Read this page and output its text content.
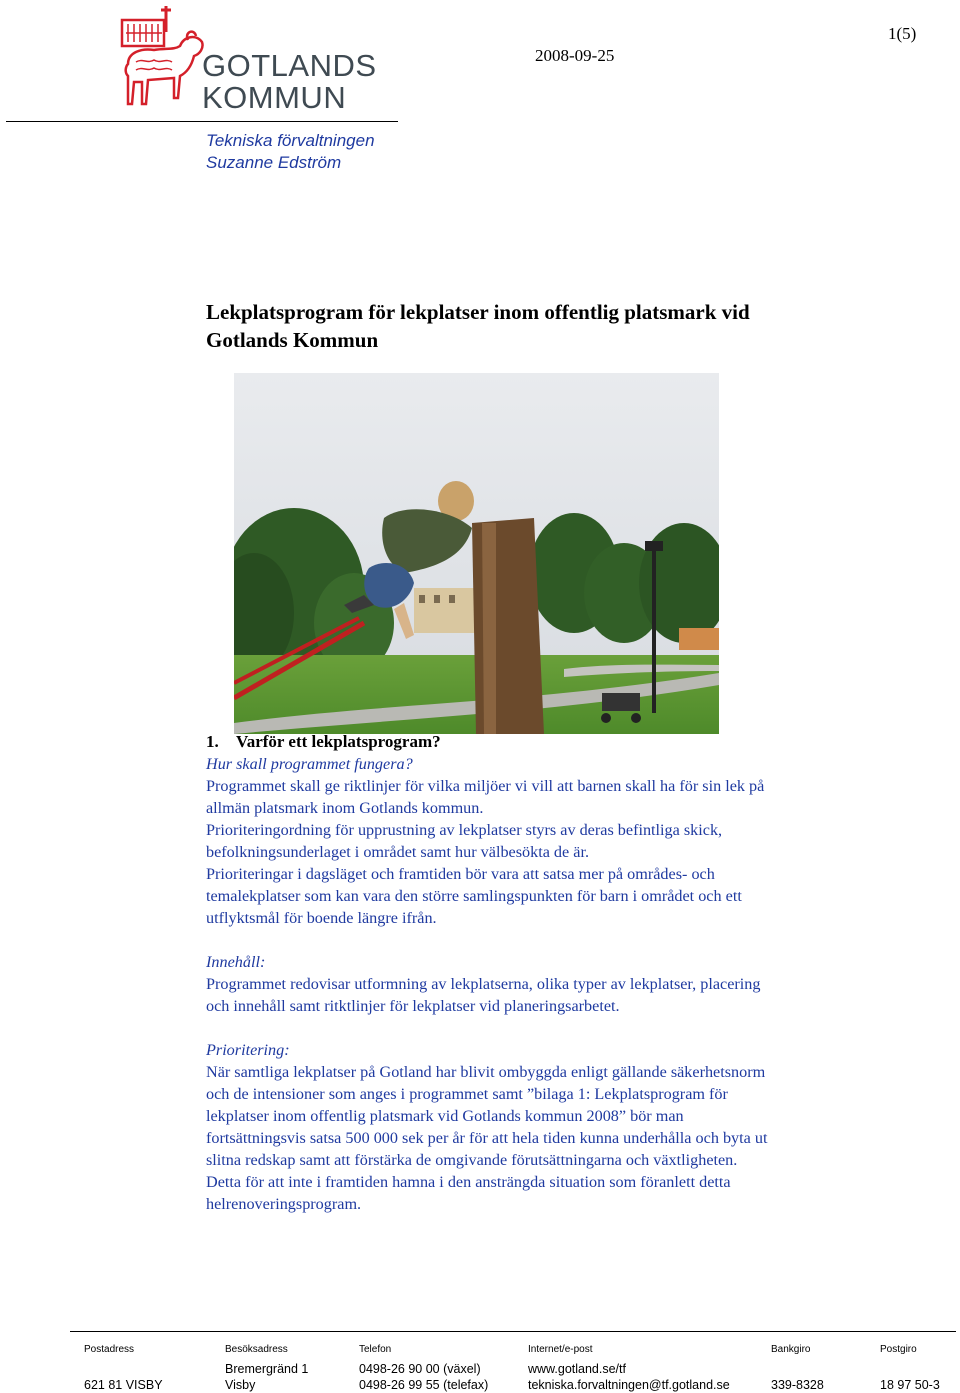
GOTLANDS
KOMMUN
Tekniska förvaltningen
Suzanne Edström
2008-09-25
1(5)
Lekplatsprogram för lekplatser inom offentlig platsmark vid
Gotlands Kommun
1. Varför ett lekplatsprogram?

Hur skall programmet fungera?

Programmet skall ge riktlinjer för vilka miljöer vi vill att barnen skall ha för sin lek på

allmän platsmark inom Gotlands kommun.

Prioriteringordning för upprustning av lekplatser styrs av deras befintliga skick,

befolkningsunderlaget i området samt hur välbesökta de är.

Prioriteringar i dagsläget och framtiden bör vara att satsa mer på områdes- och

temalekplatser som kan vara den större samlingspunkten för barn i området och ett

utflyktsmål för boende längre ifrån.

Innehåll:

Programmet redovisar utformning av lekplatserna, olika typer av lekplatser, placering

och innehåll samt ritktlinjer för lekplatser vid planeringsarbetet.

Prioritering:

När samtliga lekplatser på Gotland har blivit ombyggda enligt gällande säkerhetsnorm

och de intensioner som anges i programmet samt ”bilaga 1: Lekplatsprogram för

lekplatser inom offentlig platsmark vid Gotlands kommun 2008” bör man

fortsättningsvis satsa 500 000 sek per år för att hela tiden kunna underhålla och byta ut

slitna redskap samt att förstärka de omgivande förutsättningarna och växtligheten.

Detta för att inte i framtiden hamna i den ansträngda situation som föranlett detta

helrenoveringsprogram.

Postadress

621 81 VISBY
Besöksadress
Bremergränd 1
Visby
Telefon
0498-26 90 00 (växel)
0498-26 99 55 (telefax)
Internet/e-post
www.gotland.se/tf
tekniska.forvaltningen@tf.gotland.se
Bankgiro

339-8328
Postgiro

18 97 50-3
